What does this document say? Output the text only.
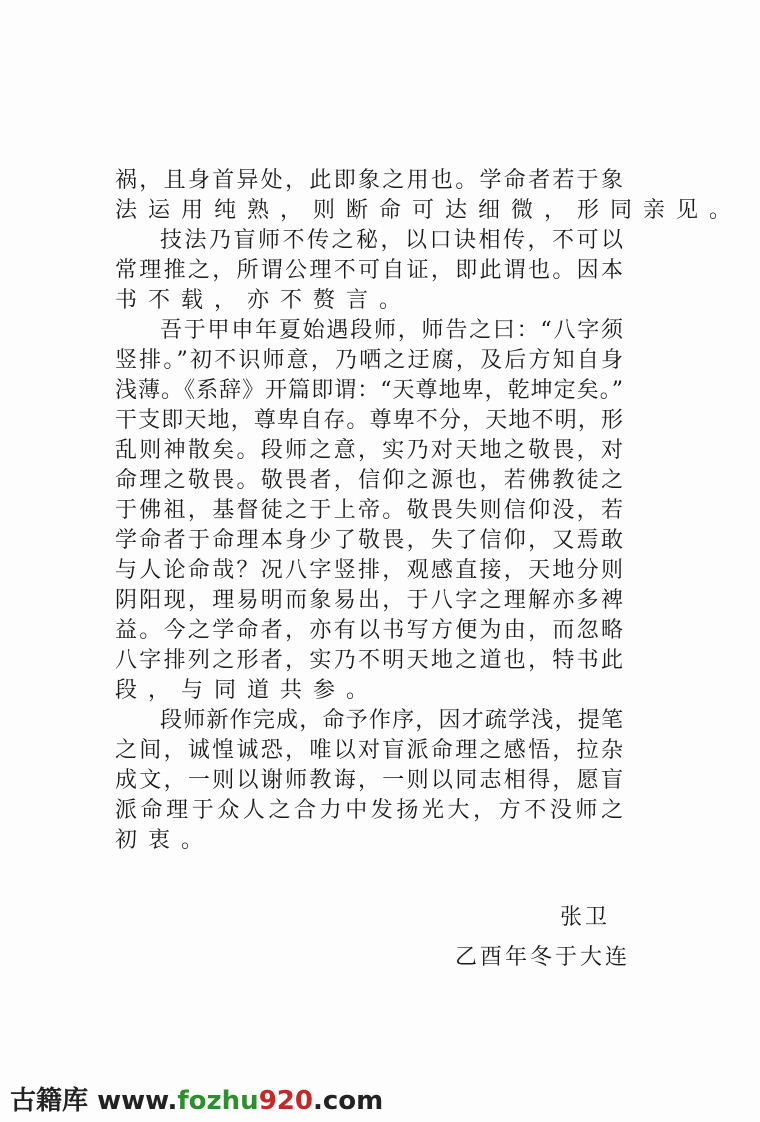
祸，且身首异处，此即象之用也。学命者若于象
法运用纯熟，则断命可达细微，形同亲见。
技法乃盲师不传之秘，以口诀相传，不可以
常理推之，所谓公理不可自证，即此谓也。因本
书不载，亦不赘言。
吾于甲申年夏始遇段师，师告之曰：“八字须
竖排。”初不识师意，乃哂之迂腐，及后方知自身
浅薄。《系辞》开篇即谓：“天尊地卑，乾坤定矣。”
干支即天地，尊卑自存。尊卑不分，天地不明，形
乱则神散矣。段师之意，实乃对天地之敬畏，对
命理之敬畏。敬畏者，信仰之源也，若佛教徒之
于佛祖，基督徒之于上帝。敬畏失则信仰没，若
学命者于命理本身少了敬畏，失了信仰，又焉敢
与人论命哉？况八字竖排，观感直接，天地分则
阴阳现，理易明而象易出，于八字之理解亦多裨
益。今之学命者，亦有以书写方便为由，而忽略
八字排列之形者，实乃不明天地之道也，特书此
段，与同道共参。
段师新作完成，命予作序，因才疏学浅，提笔
之间，诚惶诚恐，唯以对盲派命理之感悟，拉杂
成文，一则以谢师教诲，一则以同志相得，愿盲
派命理于众人之合力中发扬光大，方不没师之
初衷。
张卫
乙酉年冬于大连
古籍库 www.fozhu920.com
